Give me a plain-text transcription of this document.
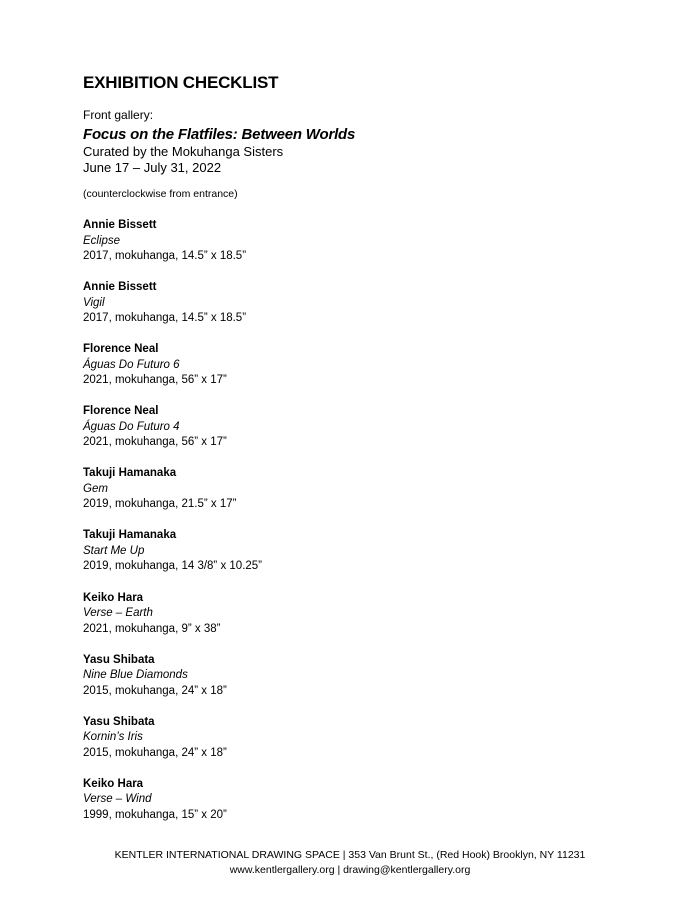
EXHIBITION CHECKLIST

Front gallery:

Focus on the Flatfiles: Between Worlds

Curated by the Mokuhanga Sisters

June 17 – July 31, 2022

(counterclockwise from entrance)

Annie Bissett
Eclipse
2017, mokuhanga, 14.5” x 18.5”
Annie Bissett
Vigil
2017, mokuhanga, 14.5” x 18.5”
Florence Neal
Águas Do Futuro 6
2021, mokuhanga, 56” x 17”
Florence Neal
Águas Do Futuro 4
2021, mokuhanga, 56” x 17”
Takuji Hamanaka
Gem
2019, mokuhanga, 21.5” x 17”
Takuji Hamanaka
Start Me Up
2019, mokuhanga, 14 3/8” x 10.25”
Keiko Hara
Verse – Earth
2021, mokuhanga, 9” x 38”
Yasu Shibata
Nine Blue Diamonds
2015, mokuhanga, 24” x 18”
Yasu Shibata
Kornin’s Iris
2015, mokuhanga, 24” x 18”
Keiko Hara
Verse – Wind
1999, mokuhanga, 15” x 20”
KENTLER INTERNATIONAL DRAWING SPACE | 353 Van Brunt St., (Red Hook) Brooklyn, NY 11231
www.kentlergallery.org | drawing@kentlergallery.org
